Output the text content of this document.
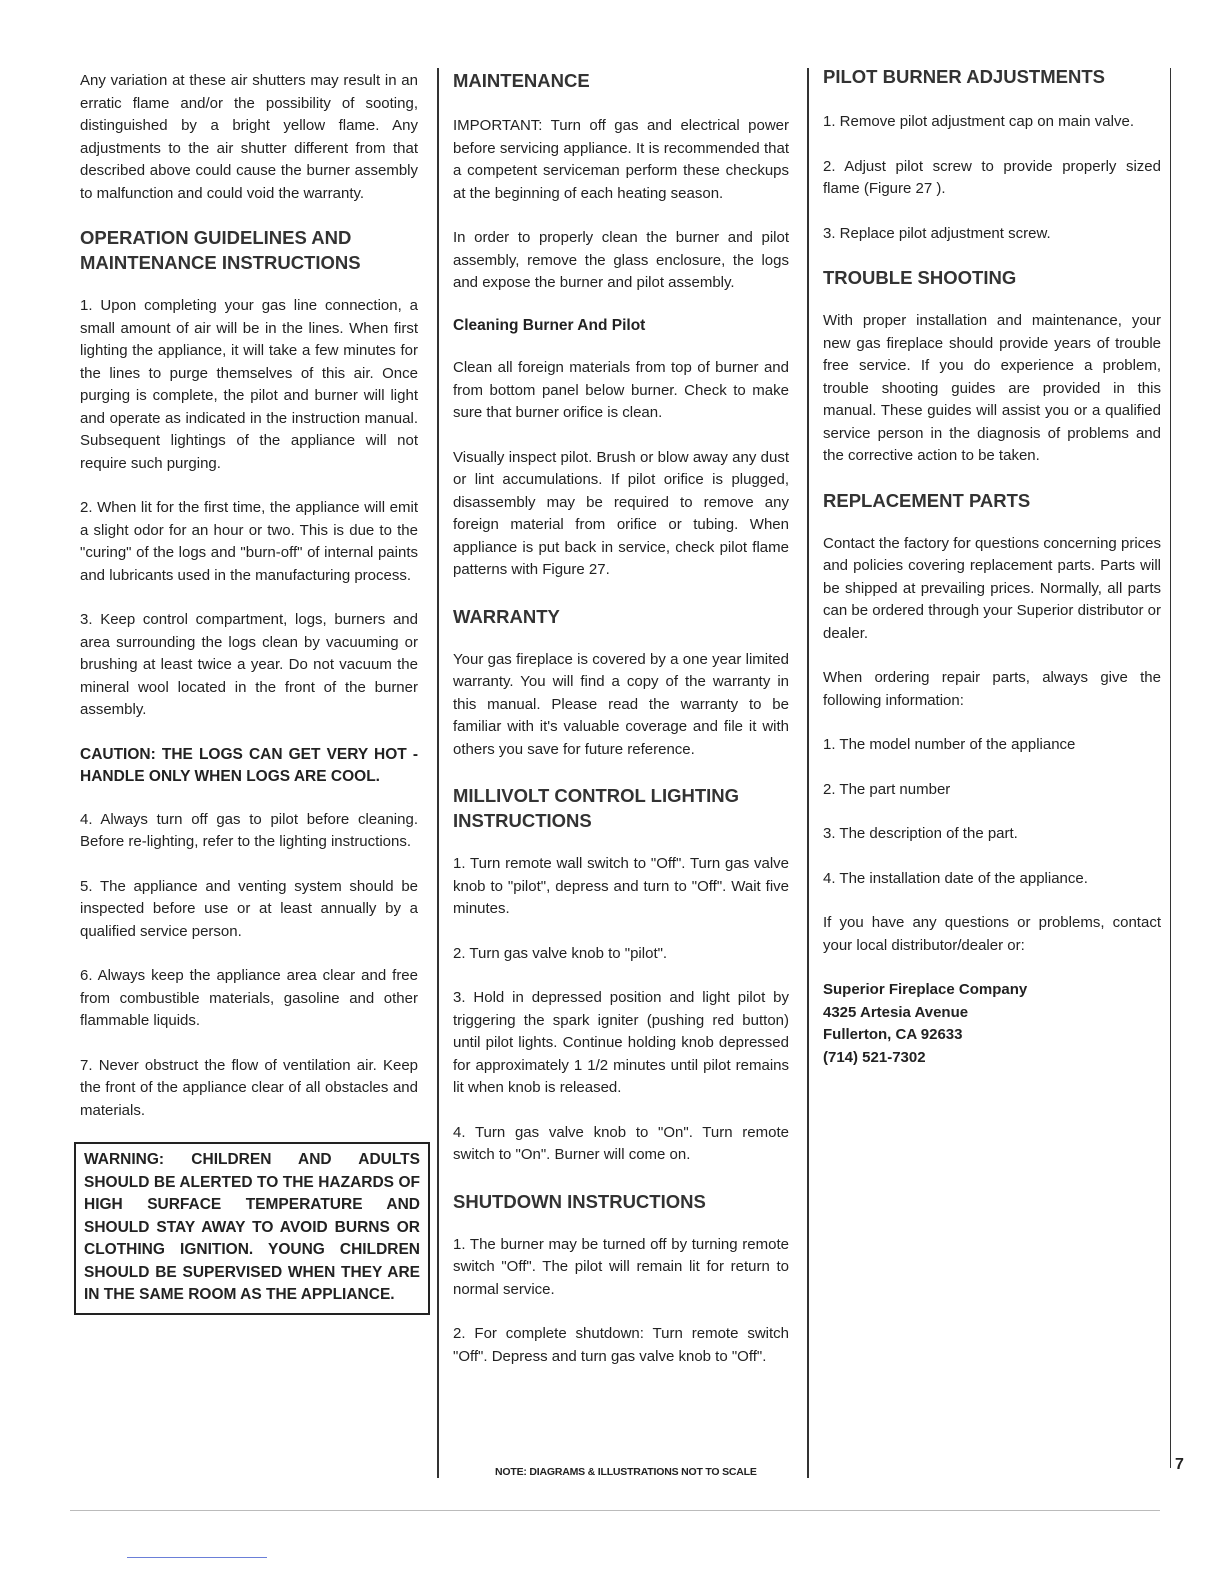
Any variation at these air shutters may result in an erratic flame and/or the possibility of sooting, distinguished by a bright yellow flame. Any adjustments to the air shutter different from that described above could cause the burner assembly to malfunction and could void the warranty.

OPERATION GUIDELINES AND
MAINTENANCE INSTRUCTIONS

1. Upon completing your gas line connection, a small amount of air will be in the lines. When first lighting the appliance, it will take a few minutes for the lines to purge themselves of this air. Once purging is complete, the pilot and burner will light and operate as indicated in the instruction manual. Subsequent lightings of the appliance will not require such purging.

2. When lit for the first time, the appliance will emit a slight odor for an hour or two. This is due to the "curing" of the logs and "burn-off" of internal paints and lubricants used in the manufacturing process.

3. Keep control compartment, logs, burners and area surrounding the logs clean by vacuuming or brushing at least twice a year. Do not vacuum the mineral wool located in the front of the burner assembly.

CAUTION: THE LOGS CAN GET VERY HOT - HANDLE ONLY WHEN LOGS ARE COOL.

4. Always turn off gas to pilot before cleaning. Before re-lighting, refer to the lighting instructions.

5. The appliance and venting system should be inspected before use or at least annually by a qualified service person.

6. Always keep the appliance area clear and free from combustible materials, gasoline and other flammable liquids.

7. Never obstruct the flow of ventilation air. Keep the front of the appliance clear of all obstacles and materials.

WARNING: CHILDREN AND ADULTS SHOULD BE ALERTED TO THE HAZARDS OF HIGH SURFACE TEMPERATURE AND SHOULD STAY AWAY TO AVOID BURNS OR CLOTHING IGNITION. YOUNG CHILDREN SHOULD BE SUPERVISED WHEN THEY ARE IN THE SAME ROOM AS THE APPLIANCE.
MAINTENANCE

IMPORTANT: Turn off gas and electrical power before servicing appliance. It is recommended that a competent serviceman perform these checkups at the beginning of each heating season.

In order to properly clean the burner and pilot assembly, remove the glass enclosure, the logs and expose the burner and pilot assembly.

Cleaning Burner And Pilot

Clean all foreign materials from top of burner and from bottom panel below burner. Check to make sure that burner orifice is clean.

Visually inspect pilot. Brush or blow away any dust or lint accumulations. If pilot orifice is plugged, disassembly may be required to remove any foreign material from orifice or tubing. When appliance is put back in service, check pilot flame patterns with Figure 27.

WARRANTY

Your gas fireplace is covered by a one year limited warranty. You will find a copy of the warranty in this manual. Please read the warranty to be familiar with it's valuable coverage and file it with others you save for future reference.

MILLIVOLT CONTROL LIGHTING
INSTRUCTIONS

1. Turn remote wall switch to "Off". Turn gas valve knob to "pilot", depress and turn to "Off". Wait five minutes.

2. Turn gas valve knob to "pilot".

3. Hold in depressed position and light pilot by triggering the spark igniter (pushing red button) until pilot lights. Continue holding knob depressed for approximately 1 1/2 minutes until pilot remains lit when knob is released.

4. Turn gas valve knob to "On". Turn remote switch to "On". Burner will come on.

SHUTDOWN INSTRUCTIONS

1. The burner may be turned off by turning remote switch "Off". The pilot will remain lit for return to normal service.

2. For complete shutdown: Turn remote switch "Off". Depress and turn gas valve knob to "Off".

PILOT BURNER ADJUSTMENTS

1. Remove pilot adjustment cap on main valve.

2. Adjust pilot screw to provide properly sized flame (Figure 27 ).

3. Replace pilot adjustment screw.

TROUBLE SHOOTING

With proper installation and maintenance, your new gas fireplace should provide years of trouble free service. If you do experience a problem, trouble shooting guides are provided in this manual. These guides will assist you or a qualified service person in the diagnosis of problems and the corrective action to be taken.

REPLACEMENT PARTS

Contact the factory for questions concerning prices and policies covering replacement parts. Parts will be shipped at prevailing prices. Normally, all parts can be ordered through your Superior distributor or dealer.

When ordering repair parts, always give the following information:

1. The model number of the appliance

2. The part number

3. The description of the part.

4. The installation date of the appliance.

If you have any questions or problems, contact your local distributor/dealer or:

Superior Fireplace Company

4325 Artesia Avenue

Fullerton, CA 92633

(714) 521-7302

NOTE: DIAGRAMS & ILLUSTRATIONS NOT TO SCALE	7
